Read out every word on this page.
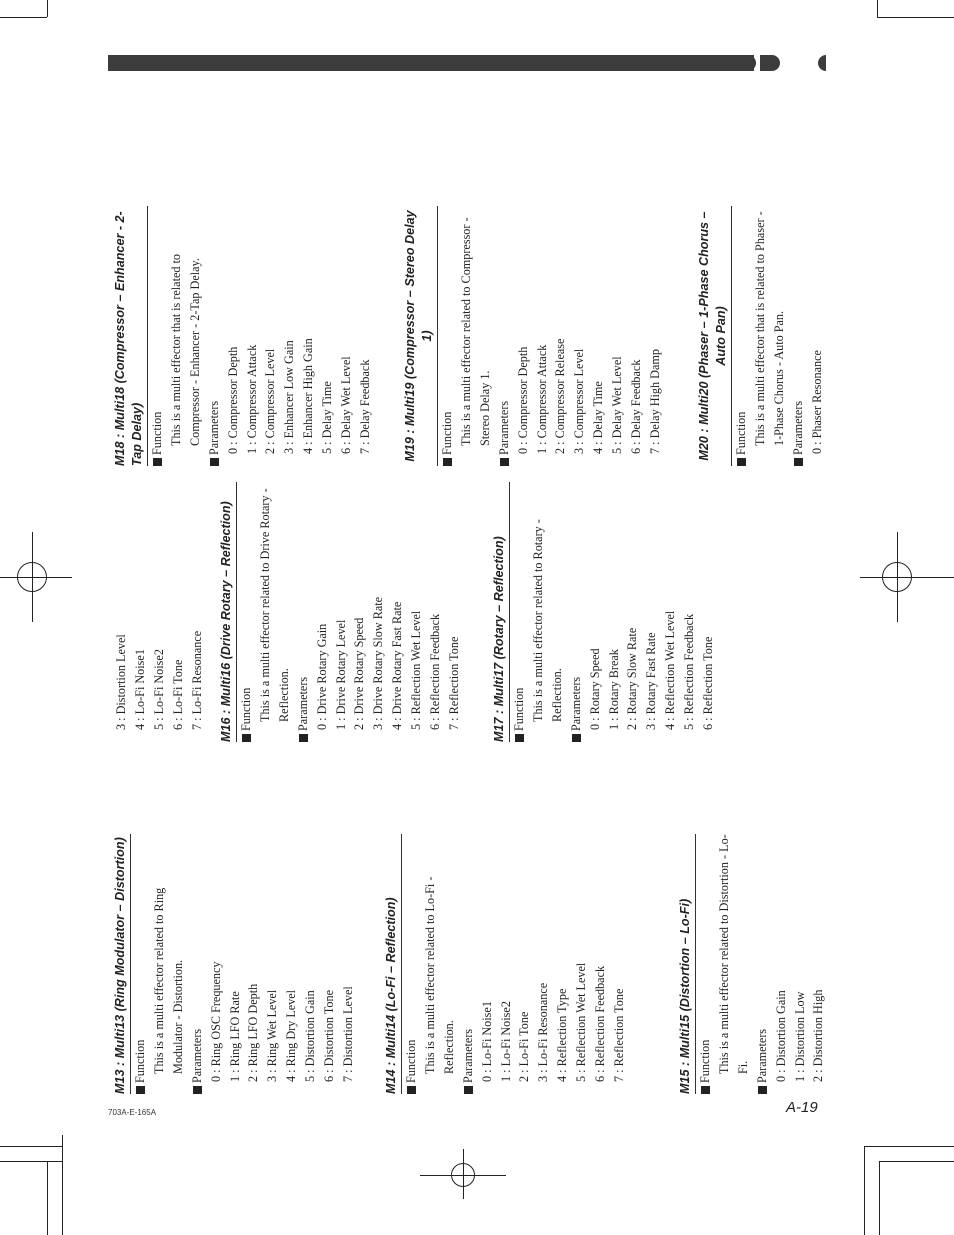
M13 : Multi13 (Ring Modulator – Distortion) Function This is a multi effector related to Ring Modulator - Distortion. Parameters 0 : Ring OSC Frequency 1 : Ring LFO Rate 2 : Ring LFO Depth 3 : Ring Wet Level 4 : Ring Dry Level 5 : Distortion Gain 6 : Distortion Tone 7 : Distortion Level M14 : Multi14 (Lo-Fi – Reflection) Function This is a multi effector related to Lo-Fi - Reflection. Parameters 0 : Lo-Fi Noise1 1 : Lo-Fi Noise2 2 : Lo-Fi Tone 3 : Lo-Fi Resonance 4 : Reflection Type 5 : Reflection Wet Level 6 : Reflection Feedback 7 : Reflection Tone	M15 : Multi15 (Distortion – Lo-Fi) Function This is a multi effector related to Distortion - Lo-Fi. Parameters 0 : Distortion Gain 1 : Distortion Low 2 : Distortion High
3 : Distortion Level 4 : Lo-Fi Noise1 5 : Lo-Fi Noise2 6 : Lo-Fi Tone 7 : Lo-Fi Resonance M16 : Multi16 (Drive Rotary – Reflection) Function This is a multi effector related to Drive Rotary - Reflection. Parameters 0 : Drive Rotary Gain 1 : Drive Rotary Level 2 : Drive Rotary Speed 3 : Drive Rotary Slow Rate 4 : Drive Rotary Fast Rate 5 : Reflection Wet Level 6 : Reflection Feedback 7 : Reflection Tone M17 : Multi17 (Rotary – Reflection) Function This is a multi effector related to Rotary - Reflection. Parameters 0 : Rotary Speed 1 : Rotary Break 2 : Rotary Slow Rate 3 : Rotary Fast Rate 4 : Reflection Wet Level 5 : Reflection Feedback 6 : Reflection Tone
M18 : Multi18 (Compressor – Enhancer - 2-Tap Delay) Function This is a multi effector that is related to Compressor - Enhancer - 2-Tap Delay. Parameters 0 : Compressor Depth 1 : Compressor Attack 2 : Compressor Level 3 : Enhancer Low Gain 4 : Enhancer High Gain 5 : Delay Time 6 : Delay Wet Level 7 : Delay Feedback M19 : Multi19 (Compressor – Stereo Delay 1)
Function This is a multi effector related to Compressor - Stereo Delay 1. Parameters 0 : Compressor Depth 1 : Compressor Attack 2 : Compressor Release 3 : Compressor Level 4 : Delay Time 5 : Delay Wet Level 6 : Delay Feedback 7 : Delay High Damp	M20 : Multi20 (Phaser – 1-Phase Chorus – Auto Pan)
Function This is a multi effector that is related to Phaser - 1-Phase Chorus - Auto Pan. Parameters 0 : Phaser Resonance
703A-E-165A	A-19
